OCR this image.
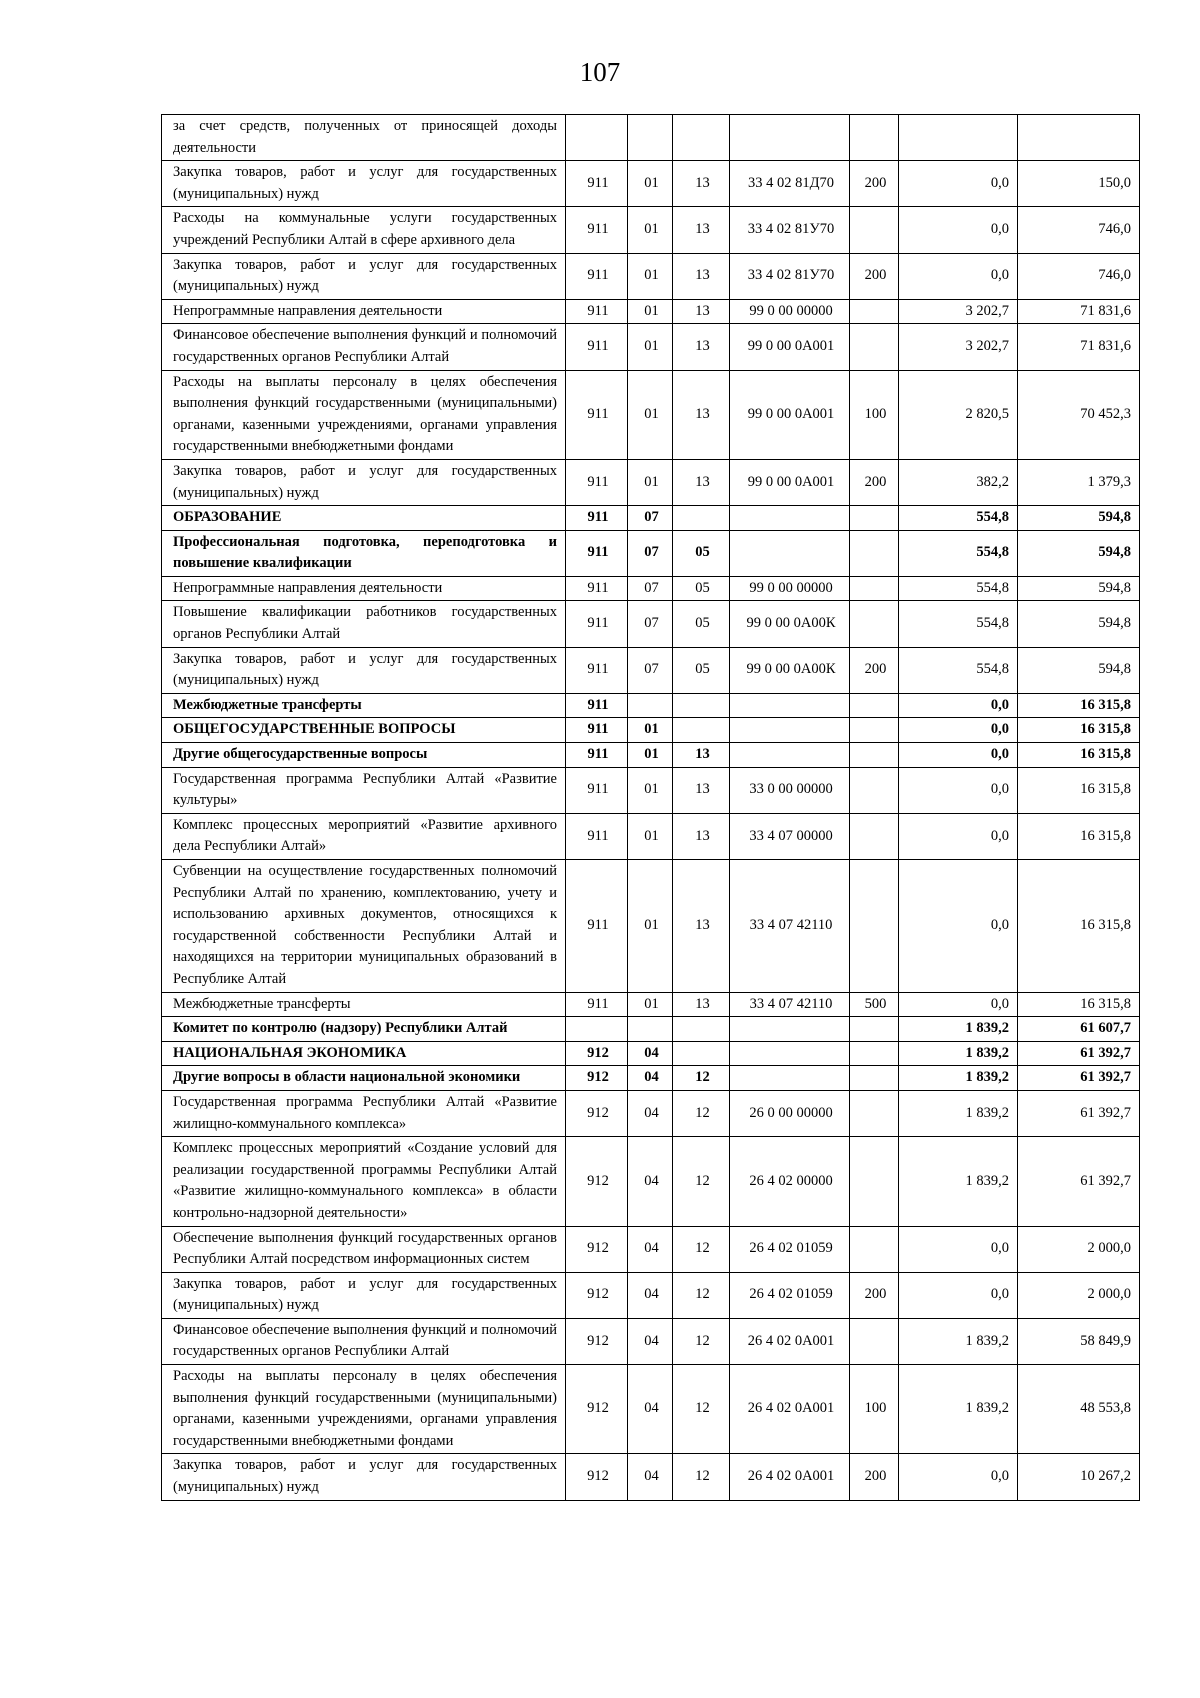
107
за счет средств, полученных от приносящей доходы деятельности							
Закупка товаров, работ и услуг для государственных (муниципальных) нужд	911	01	13	33 4 02 81Д70	200	0,0	150,0
Расходы на коммунальные услуги государственных учреждений Республики Алтай в сфере архивного дела	911	01	13	33 4 02 81У70		0,0	746,0
Закупка товаров, работ и услуг для государственных (муниципальных) нужд	911	01	13	33 4 02 81У70	200	0,0	746,0
Непрограммные направления деятельности	911	01	13	99 0 00 00000		3 202,7	71 831,6
Финансовое обеспечение выполнения функций и полномочий государственных органов Республики Алтай	911	01	13	99 0 00 0А001		3 202,7	71 831,6
Расходы на выплаты персоналу в целях обеспечения выполнения функций государственными (муниципальными) органами, казенными учреждениями, органами управления государственными внебюджетными фондами	911	01	13	99 0 00 0А001	100	2 820,5	70 452,3
Закупка товаров, работ и услуг для государственных (муниципальных) нужд	911	01	13	99 0 00 0А001	200	382,2	1 379,3
ОБРАЗОВАНИЕ	911	07				554,8	594,8
Профессиональная подготовка, переподготовка и повышение квалификации	911	07	05			554,8	594,8
Непрограммные направления деятельности	911	07	05	99 0 00 00000		554,8	594,8
Повышение квалификации работников государственных органов Республики Алтай	911	07	05	99 0 00 0А00К		554,8	594,8
Закупка товаров, работ и услуг для государственных (муниципальных) нужд	911	07	05	99 0 00 0А00К	200	554,8	594,8
Межбюджетные трансферты	911					0,0	16 315,8
ОБЩЕГОСУДАРСТВЕННЫЕ ВОПРОСЫ	911	01				0,0	16 315,8
Другие общегосударственные вопросы	911	01	13			0,0	16 315,8
Государственная программа Республики Алтай «Развитие культуры»	911	01	13	33 0 00 00000		0,0	16 315,8
Комплекс процессных мероприятий «Развитие архивного дела Республики Алтай»	911	01	13	33 4 07 00000		0,0	16 315,8
Субвенции на осуществление государственных полномочий Республики Алтай по хранению, комплектованию, учету и использованию архивных документов, относящихся к государственной собственности Республики Алтай и находящихся на территории муниципальных образований в Республике Алтай	911	01	13	33 4 07 42110		0,0	16 315,8
Межбюджетные трансферты	911	01	13	33 4 07 42110	500	0,0	16 315,8
Комитет по контролю (надзору) Республики Алтай						1 839,2	61 607,7
НАЦИОНАЛЬНАЯ ЭКОНОМИКА	912	04				1 839,2	61 392,7
Другие вопросы в области национальной экономики	912	04	12			1 839,2	61 392,7
Государственная программа Республики Алтай «Развитие жилищно-коммунального комплекса»	912	04	12	26 0 00 00000		1 839,2	61 392,7
Комплекс процессных мероприятий «Создание условий для реализации государственной программы Республики Алтай «Развитие жилищно-коммунального комплекса» в области контрольно-надзорной деятельности»	912	04	12	26 4 02 00000		1 839,2	61 392,7
Обеспечение выполнения функций государственных органов Республики Алтай посредством информационных систем	912	04	12	26 4 02 01059		0,0	2 000,0
Закупка товаров, работ и услуг для государственных (муниципальных) нужд	912	04	12	26 4 02 01059	200	0,0	2 000,0
Финансовое обеспечение выполнения функций и полномочий государственных органов Республики Алтай	912	04	12	26 4 02 0А001		1 839,2	58 849,9
Расходы на выплаты персоналу в целях обеспечения выполнения функций государственными (муниципальными) органами, казенными учреждениями, органами управления государственными внебюджетными фондами	912	04	12	26 4 02 0А001	100	1 839,2	48 553,8
Закупка товаров, работ и услуг для государственных (муниципальных) нужд	912	04	12	26 4 02 0А001	200	0,0	10 267,2
